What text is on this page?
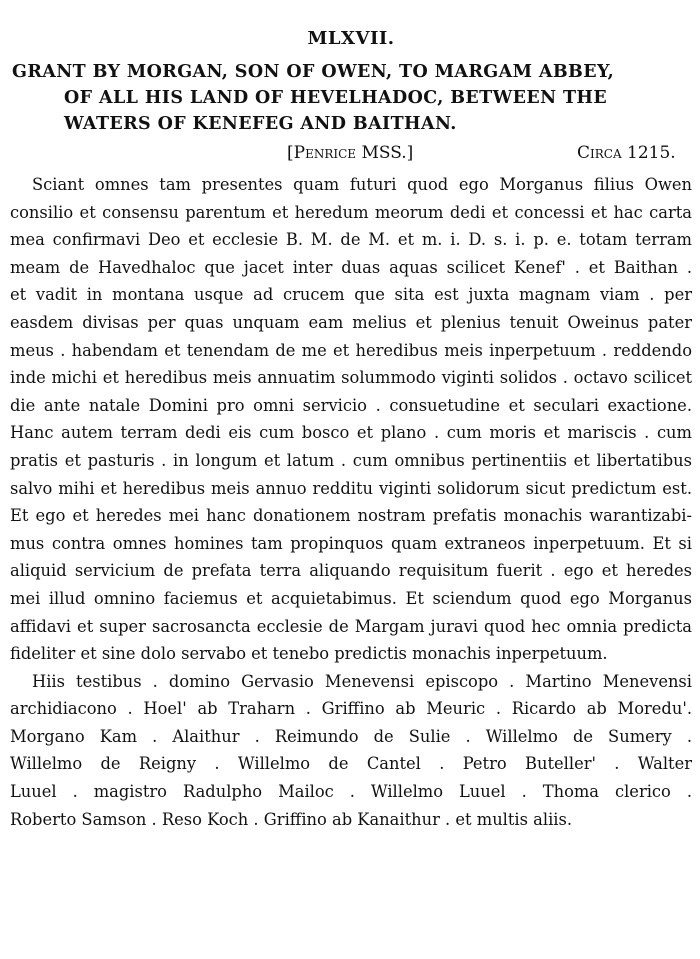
MLXVII.
GRANT BY MORGAN, SON OF OWEN, TO MARGAM ABBEY,
OF ALL HIS LAND OF HEVELHADOC, BETWEEN THE
WATERS OF KENEFEG AND BAITHAN.
[Penrice MSS.]	Circa 1215.

Sciant omnes tam presentes quam futuri quod ego Morganus filius Owen
consilio et consensu parentum et heredum meorum dedi et concessi et hac carta
mea confirmavi Deo et ecclesie B. M. de M. et m. i. D. s. i. p. e. totam terram
meam de Havedhaloc que jacet inter duas aquas scilicet Kenef' . et Baithan .
et vadit in montana usque ad crucem que sita est juxta magnam viam . per
easdem divisas per quas unquam eam melius et plenius tenuit Oweinus pater
meus . habendam et tenendam de me et heredibus meis inperpetuum . reddendo
inde michi et heredibus meis annuatim solummodo viginti solidos . octavo scilicet
die ante natale Domini pro omni servicio . consuetudine et seculari exactione.
Hanc autem terram dedi eis cum bosco et plano . cum moris et mariscis . cum
pratis et pasturis . in longum et latum . cum omnibus pertinentiis et libertatibus
salvo mihi et heredibus meis annuo redditu viginti solidorum sicut predictum est.
Et ego et heredes mei hanc donationem nostram prefatis monachis warantizabi-
mus contra omnes homines tam propinquos quam extraneos inperpetuum. Et si
aliquid servicium de prefata terra aliquando requisitum fuerit . ego et heredes
mei illud omnino faciemus et acquietabimus. Et sciendum quod ego Morganus
affidavi et super sacrosancta ecclesie de Margam juravi quod hec omnia predicta
fideliter et sine dolo servabo et tenebo predictis monachis inperpetuum.

Hiis testibus . domino Gervasio Menevensi episcopo . Martino Menevensi
archidiacono . Hoel' ab Traharn . Griffino ab Meuric . Ricardo ab Moredu'.
Morgano Kam . Alaithur . Reimundo de Sulie . Willelmo de Sumery .
Willelmo de Reigny . Willelmo de Cantel . Petro Buteller' . Walter
Luuel . magistro Radulpho Mailoc . Willelmo Luuel . Thoma clerico .
Roberto Samson . Reso Koch . Griffino ab Kanaithur . et multis aliis.
